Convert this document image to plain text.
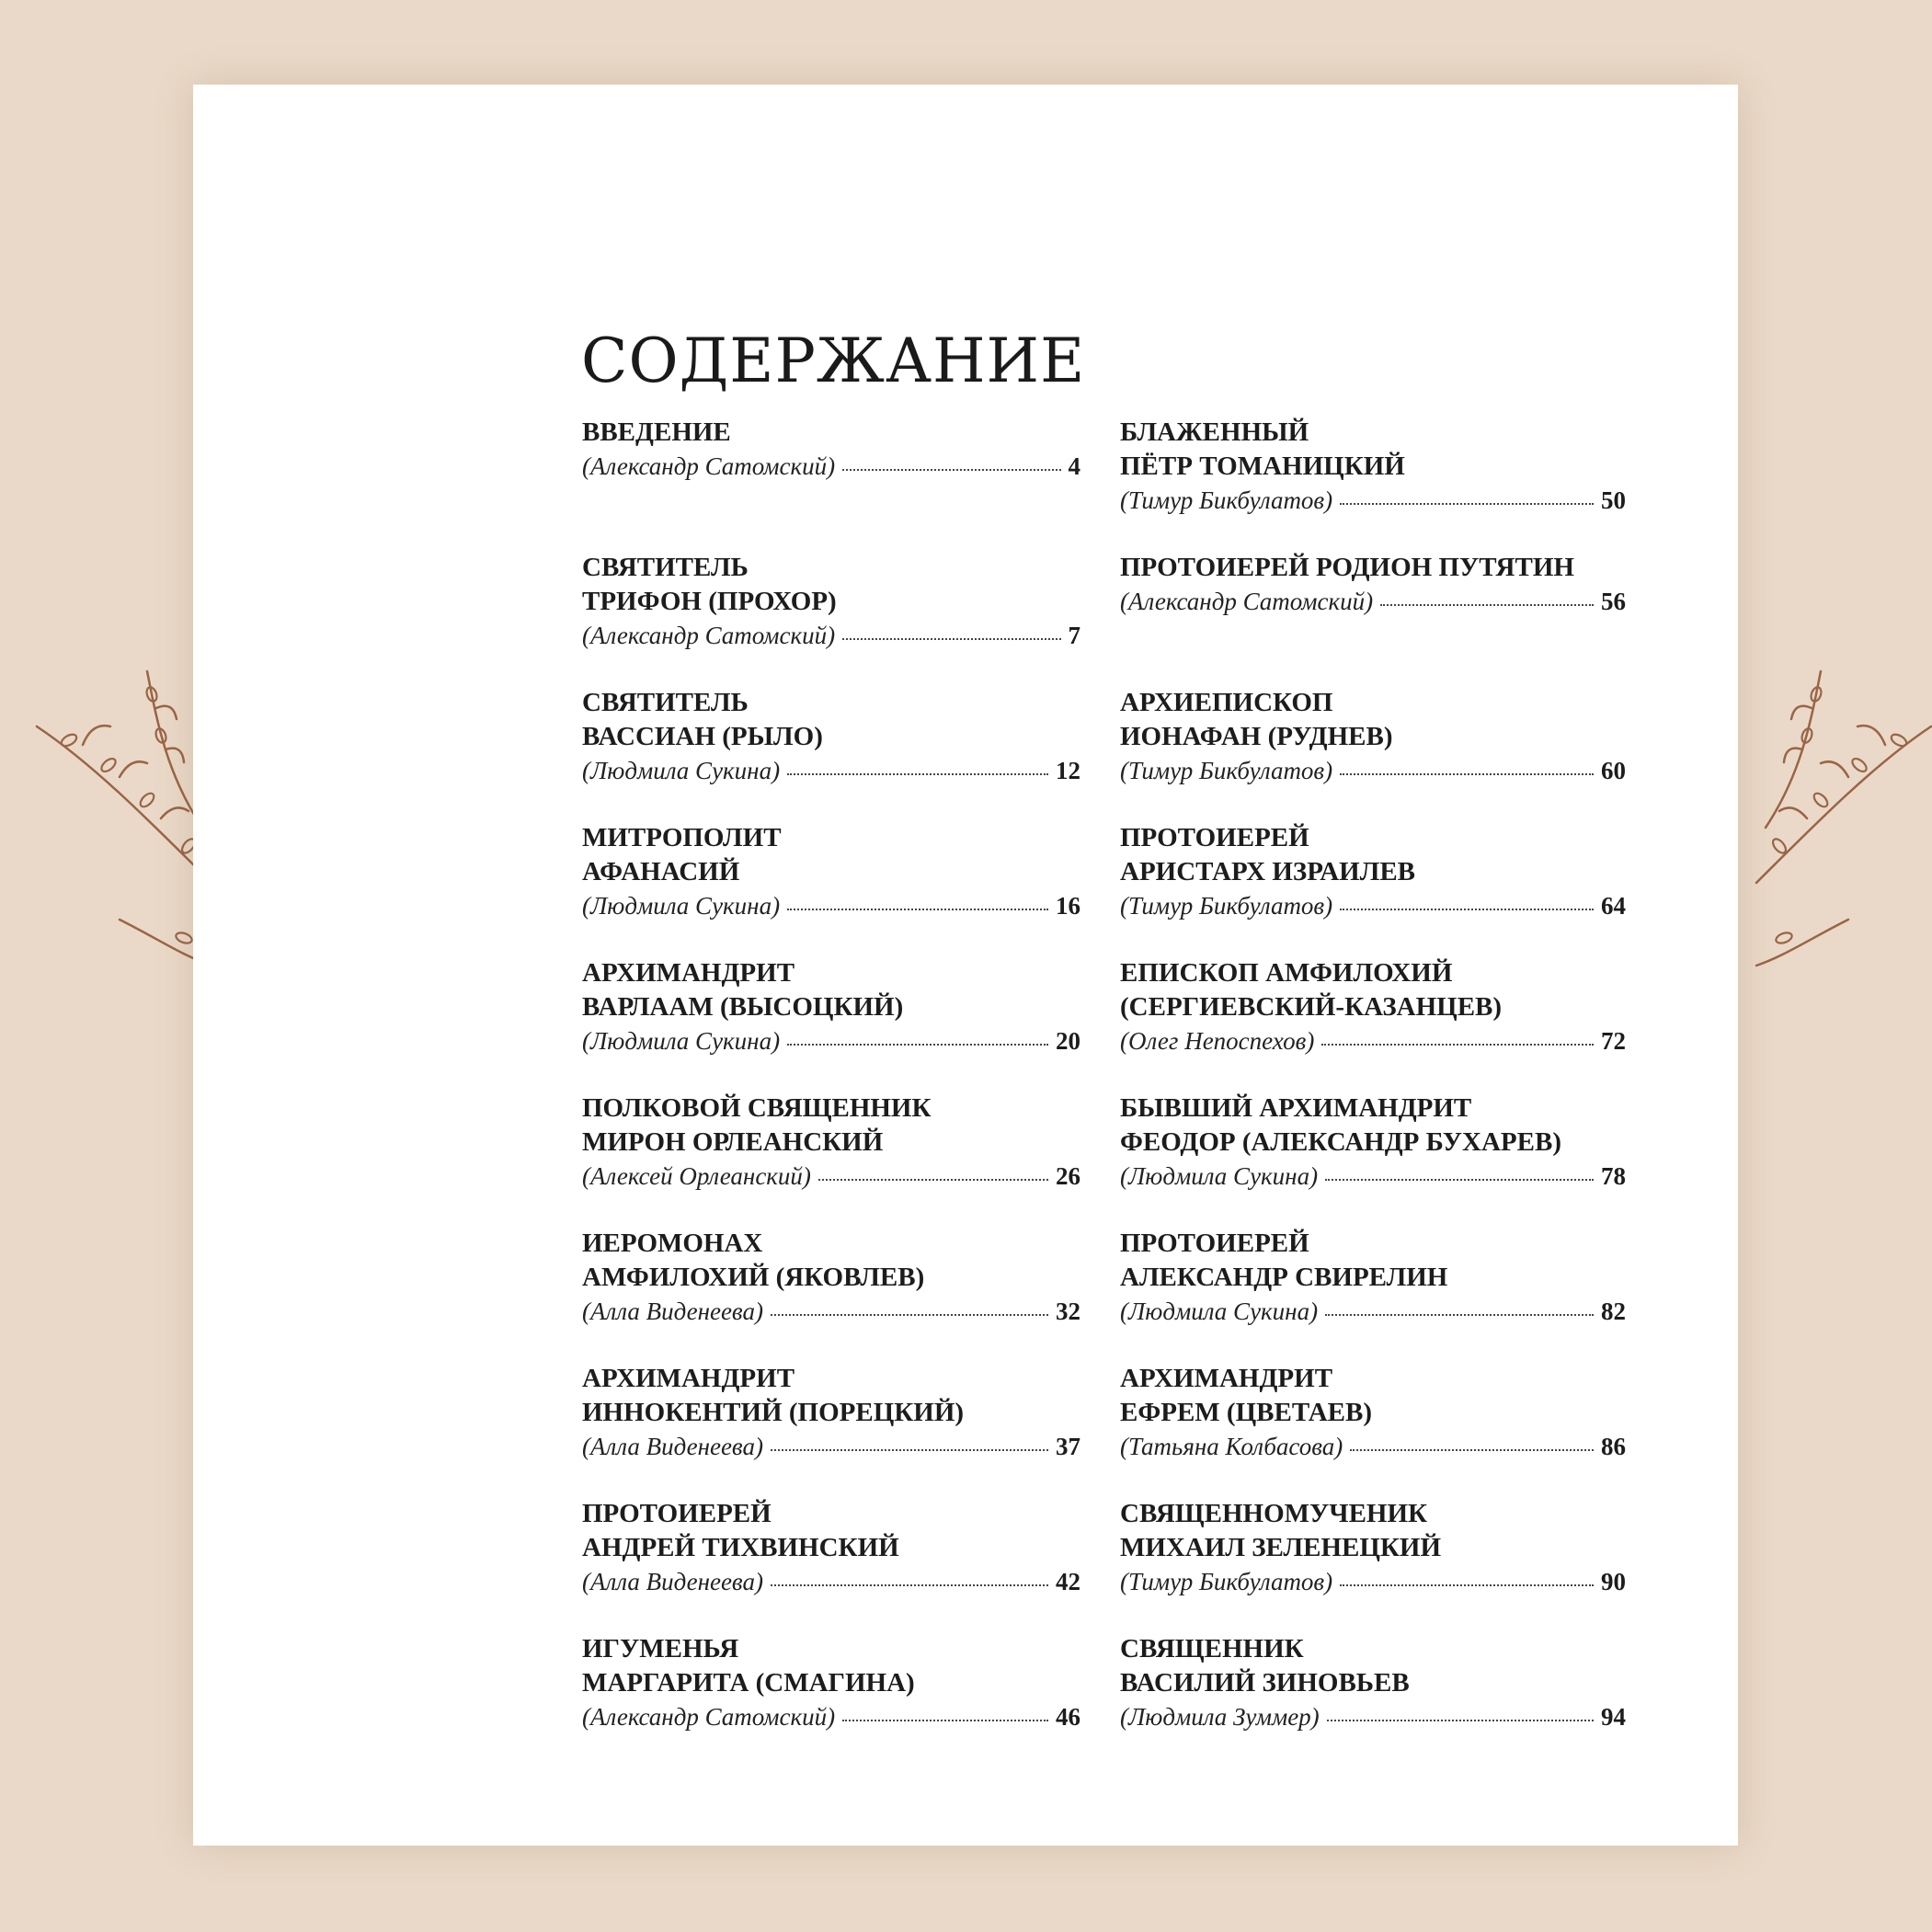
СОДЕРЖАНИЕ
ВВЕДЕНИЕ
(Александр Сатомский)	4
СВЯТИТЕЛЬ
ТРИФОН (ПРОХОР)
(Александр Сатомский)	7
СВЯТИТЕЛЬ
ВАССИАН (РЫЛО)
(Людмила Сукина)	12
МИТРОПОЛИТ
АФАНАСИЙ
(Людмила Сукина)	16
АРХИМАНДРИТ
ВАРЛААМ (ВЫСОЦКИЙ)
(Людмила Сукина)	20
ПОЛКОВОЙ СВЯЩЕННИК
МИРОН ОРЛЕАНСКИЙ
(Алексей Орлеанский)	26
ИЕРОМОНАХ
АМФИЛОХИЙ (ЯКОВЛЕВ)
(Алла Виденеева)	32
АРХИМАНДРИТ
ИННОКЕНТИЙ (ПОРЕЦКИЙ)
(Алла Виденеева)	37
ПРОТОИЕРЕЙ
АНДРЕЙ ТИХВИНСКИЙ
(Алла Виденеева)	42
ИГУМЕНЬЯ
МАРГАРИТА (СМАГИНА)
(Александр Сатомский)	46
БЛАЖЕННЫЙ
ПЁТР ТОМАНИЦКИЙ
(Тимур Бикбулатов)	50
ПРОТОИЕРЕЙ РОДИОН ПУТЯТИН
(Александр Сатомский)	56
АРХИЕПИСКОП
ИОНАФАН (РУДНЕВ)
(Тимур Бикбулатов)	60
ПРОТОИЕРЕЙ
АРИСТАРХ ИЗРАИЛЕВ
(Тимур Бикбулатов)	64
ЕПИСКОП АМФИЛОХИЙ
(СЕРГИЕВСКИЙ-КАЗАНЦЕВ)
(Олег Непоспехов)	72
БЫВШИЙ АРХИМАНДРИТ
ФЕОДОР (АЛЕКСАНДР БУХАРЕВ)
(Людмила Сукина)	78
ПРОТОИЕРЕЙ
АЛЕКСАНДР СВИРЕЛИН
(Людмила Сукина)	82
АРХИМАНДРИТ
ЕФРЕМ (ЦВЕТАЕВ)
(Татьяна Колбасова)	86
СВЯЩЕННОМУЧЕНИК
МИХАИЛ ЗЕЛЕНЕЦКИЙ
(Тимур Бикбулатов)	90
СВЯЩЕННИК
ВАСИЛИЙ ЗИНОВЬЕВ
(Людмила Зуммер)	94
